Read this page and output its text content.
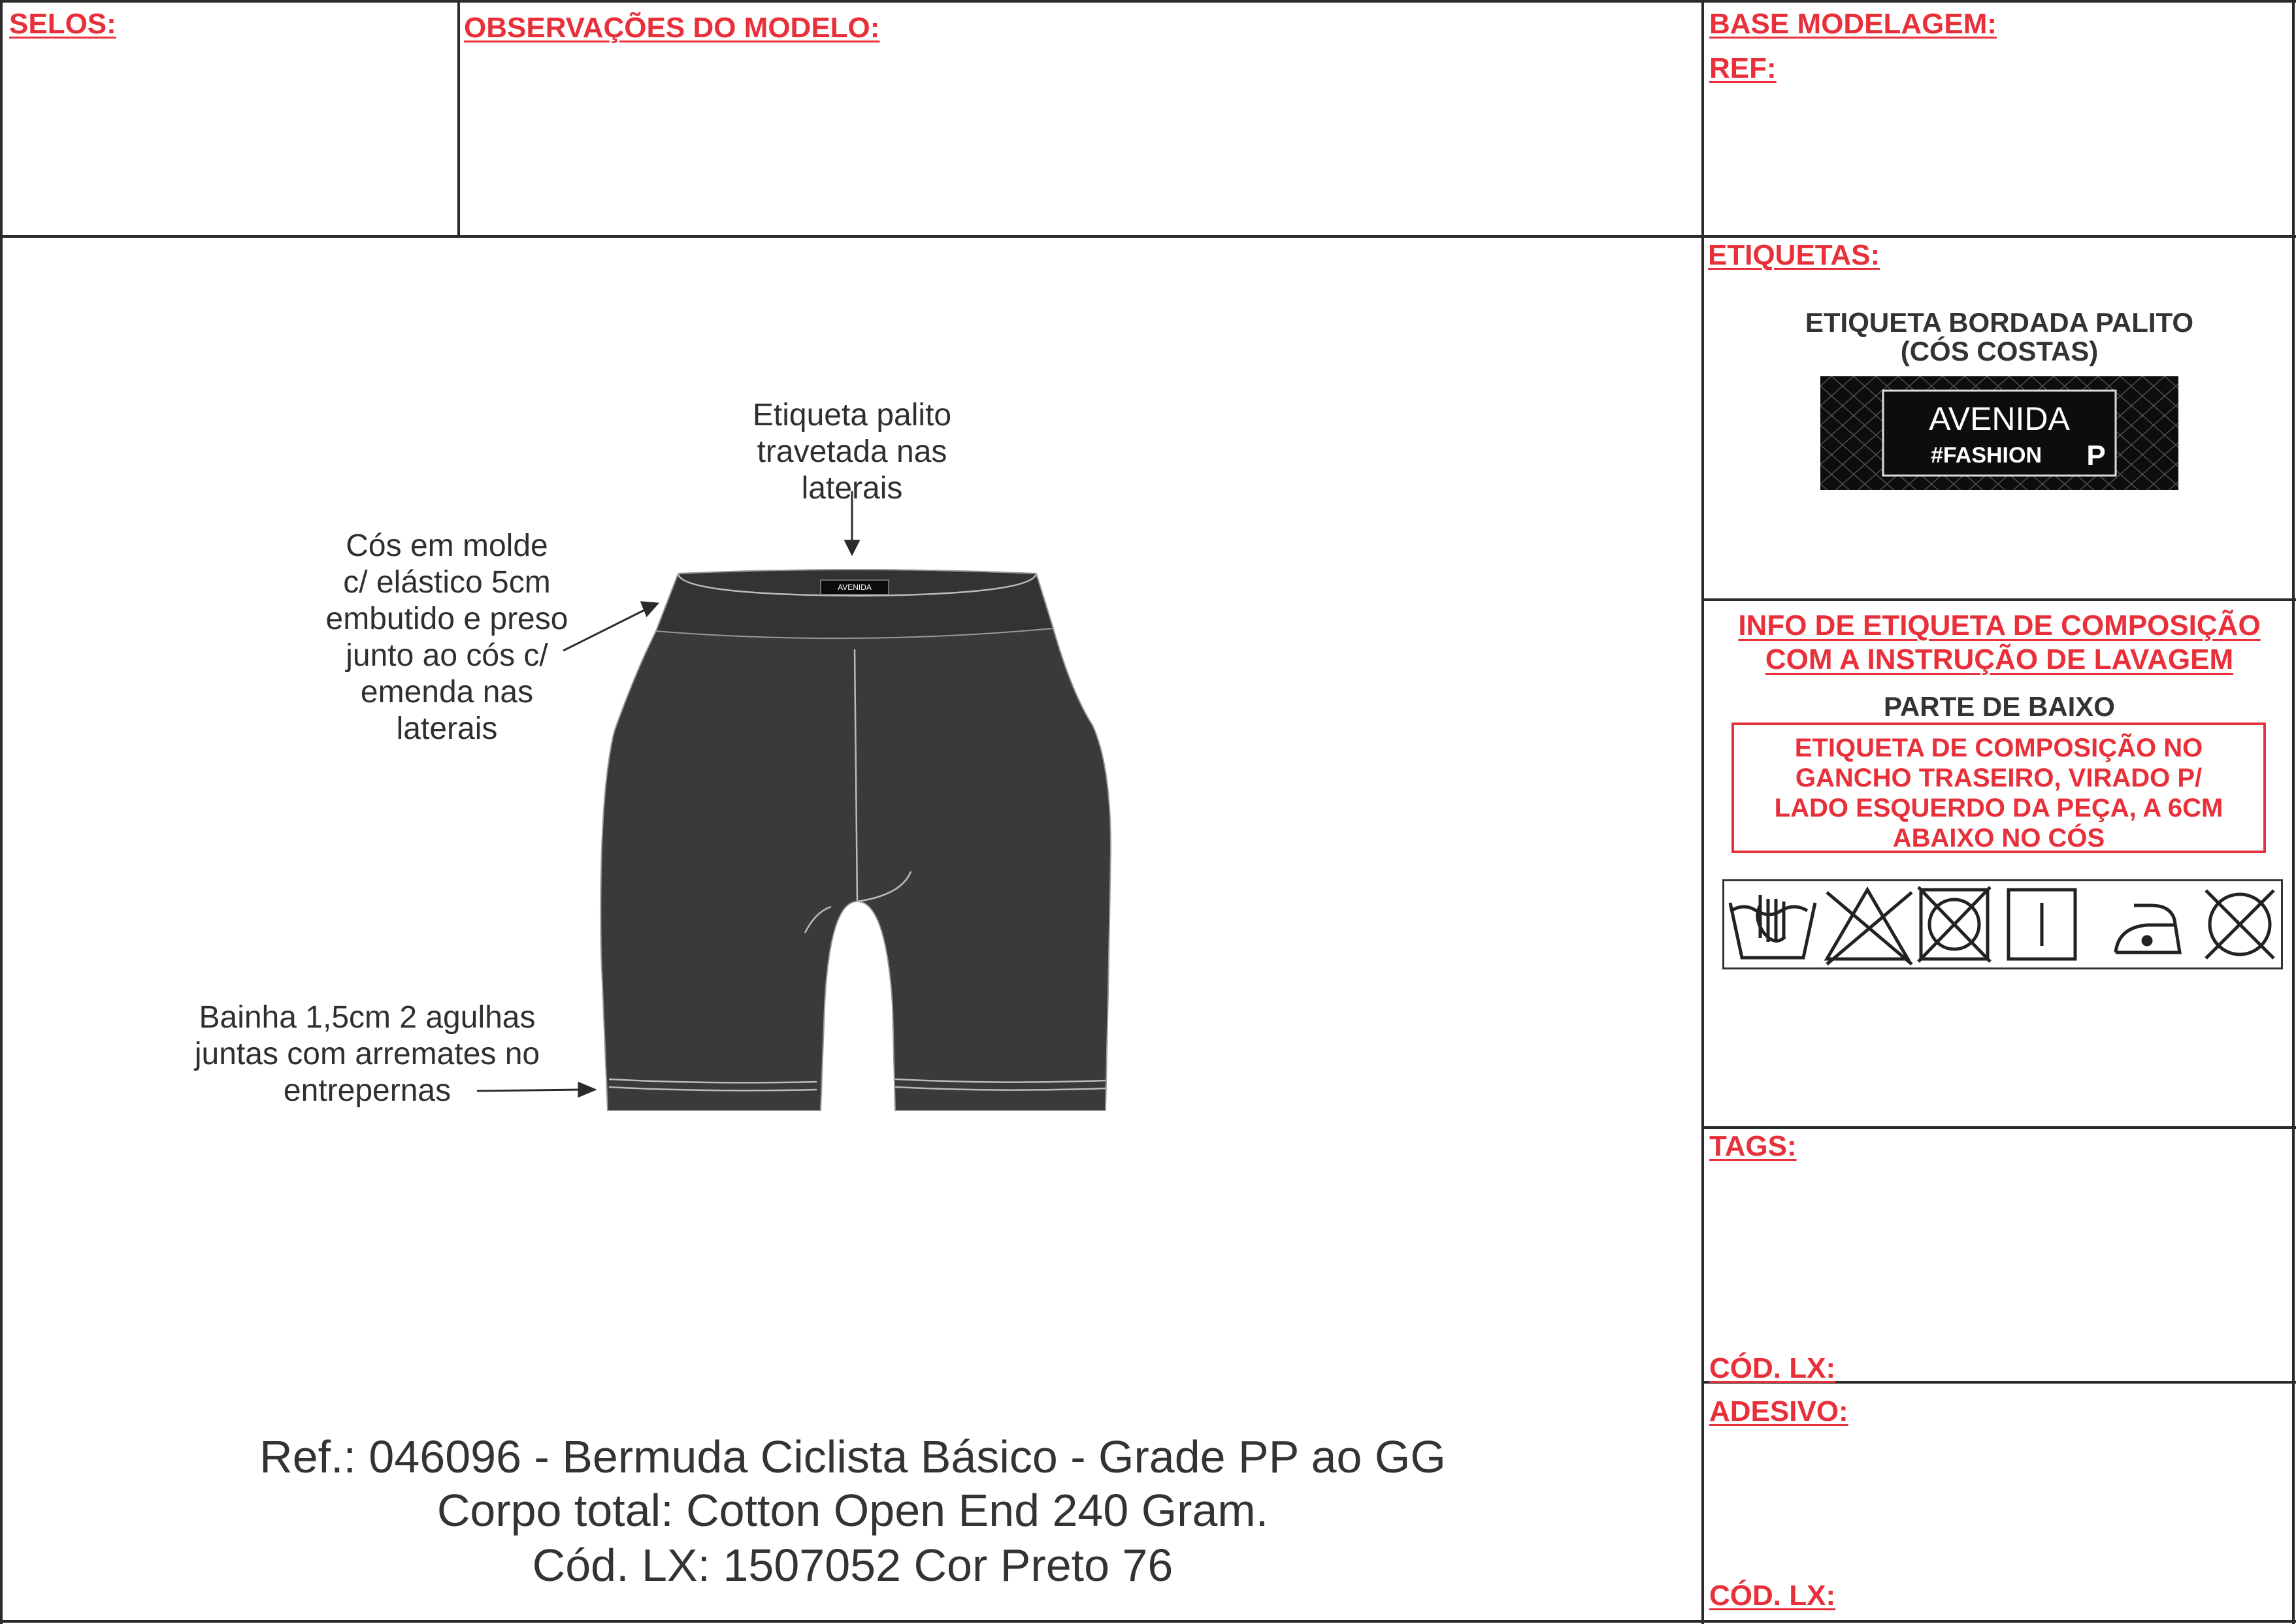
SELOS:	OBSERVAÇÕES DO MODELO:	BASE MODELAGEM:
REF:
ETIQUETAS:
ETIQUETA BORDADA PALITO
(CÓS COSTAS)
AVENIDA
#FASHION P
INFO DE ETIQUETA DE COMPOSIÇÃO
COM A INSTRUÇÃO DE LAVAGEM
PARTE DE BAIXO
ETIQUETA DE COMPOSIÇÃO NO
GANCHO TRASEIRO, VIRADO P/
LADO ESQUERDO DA PEÇA, A 6CM
ABAIXO NO CÓS
TAGS:
CÓD. LX:
ADESIVO:
CÓD. LX:
AVENIDA
Etiqueta palito
travetada nas
laterais
Cós em molde
c/ elástico 5cm
embutido e preso
junto ao cós c/
emenda nas
laterais
Bainha 1,5cm 2 agulhas
juntas com arremates no
entrepernas
Ref.: 046096 - Bermuda Ciclista Básico - Grade PP ao GG
Corpo total: Cotton Open End 240 Gram.
Cód. LX: 1507052 Cor Preto 76
